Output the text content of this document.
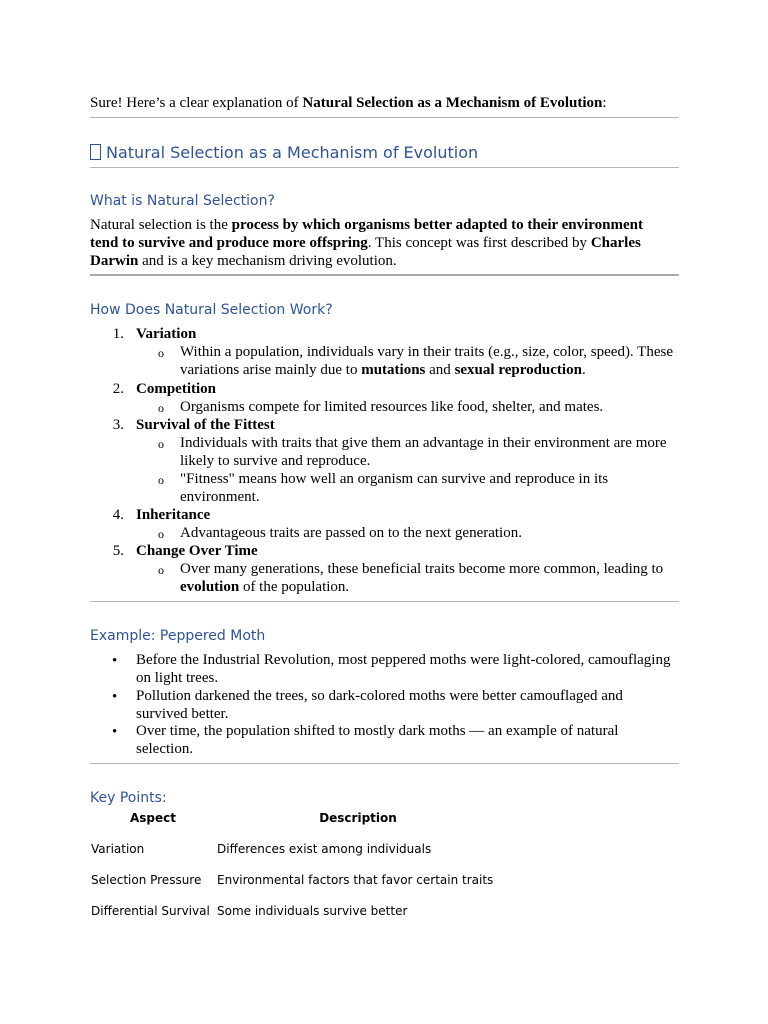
Sure! Here’s a clear explanation of Natural Selection as a Mechanism of Evolution:
Natural Selection as a Mechanism of Evolution
What is Natural Selection?
Natural selection is the process by which organisms better adapted to their environment
tend to survive and produce more offspring. This concept was first described by Charles
Darwin and is a key mechanism driving evolution.
How Does Natural Selection Work?
1. Variation
o Within a population, individuals vary in their traits (e.g., size, color, speed). These
variations arise mainly due to mutations and sexual reproduction.
2. Competition
o Organisms compete for limited resources like food, shelter, and mates.
3. Survival of the Fittest
o Individuals with traits that give them an advantage in their environment are more
likely to survive and reproduce.
o "Fitness" means how well an organism can survive and reproduce in its
environment.
4. Inheritance
o Advantageous traits are passed on to the next generation.
5. Change Over Time
o Over many generations, these beneficial traits become more common, leading to
evolution of the population.
Example: Peppered Moth
• Before the Industrial Revolution, most peppered moths were light-colored, camouflaging
on light trees.
• Pollution darkened the trees, so dark-colored moths were better camouflaged and
survived better.
• Over time, the population shifted to mostly dark moths — an example of natural
selection.
Key Points:
Aspect	Description
Variation	Differences exist among individuals
Selection Pressure Environmental factors that favor certain traits
Differential Survival Some individuals survive better
